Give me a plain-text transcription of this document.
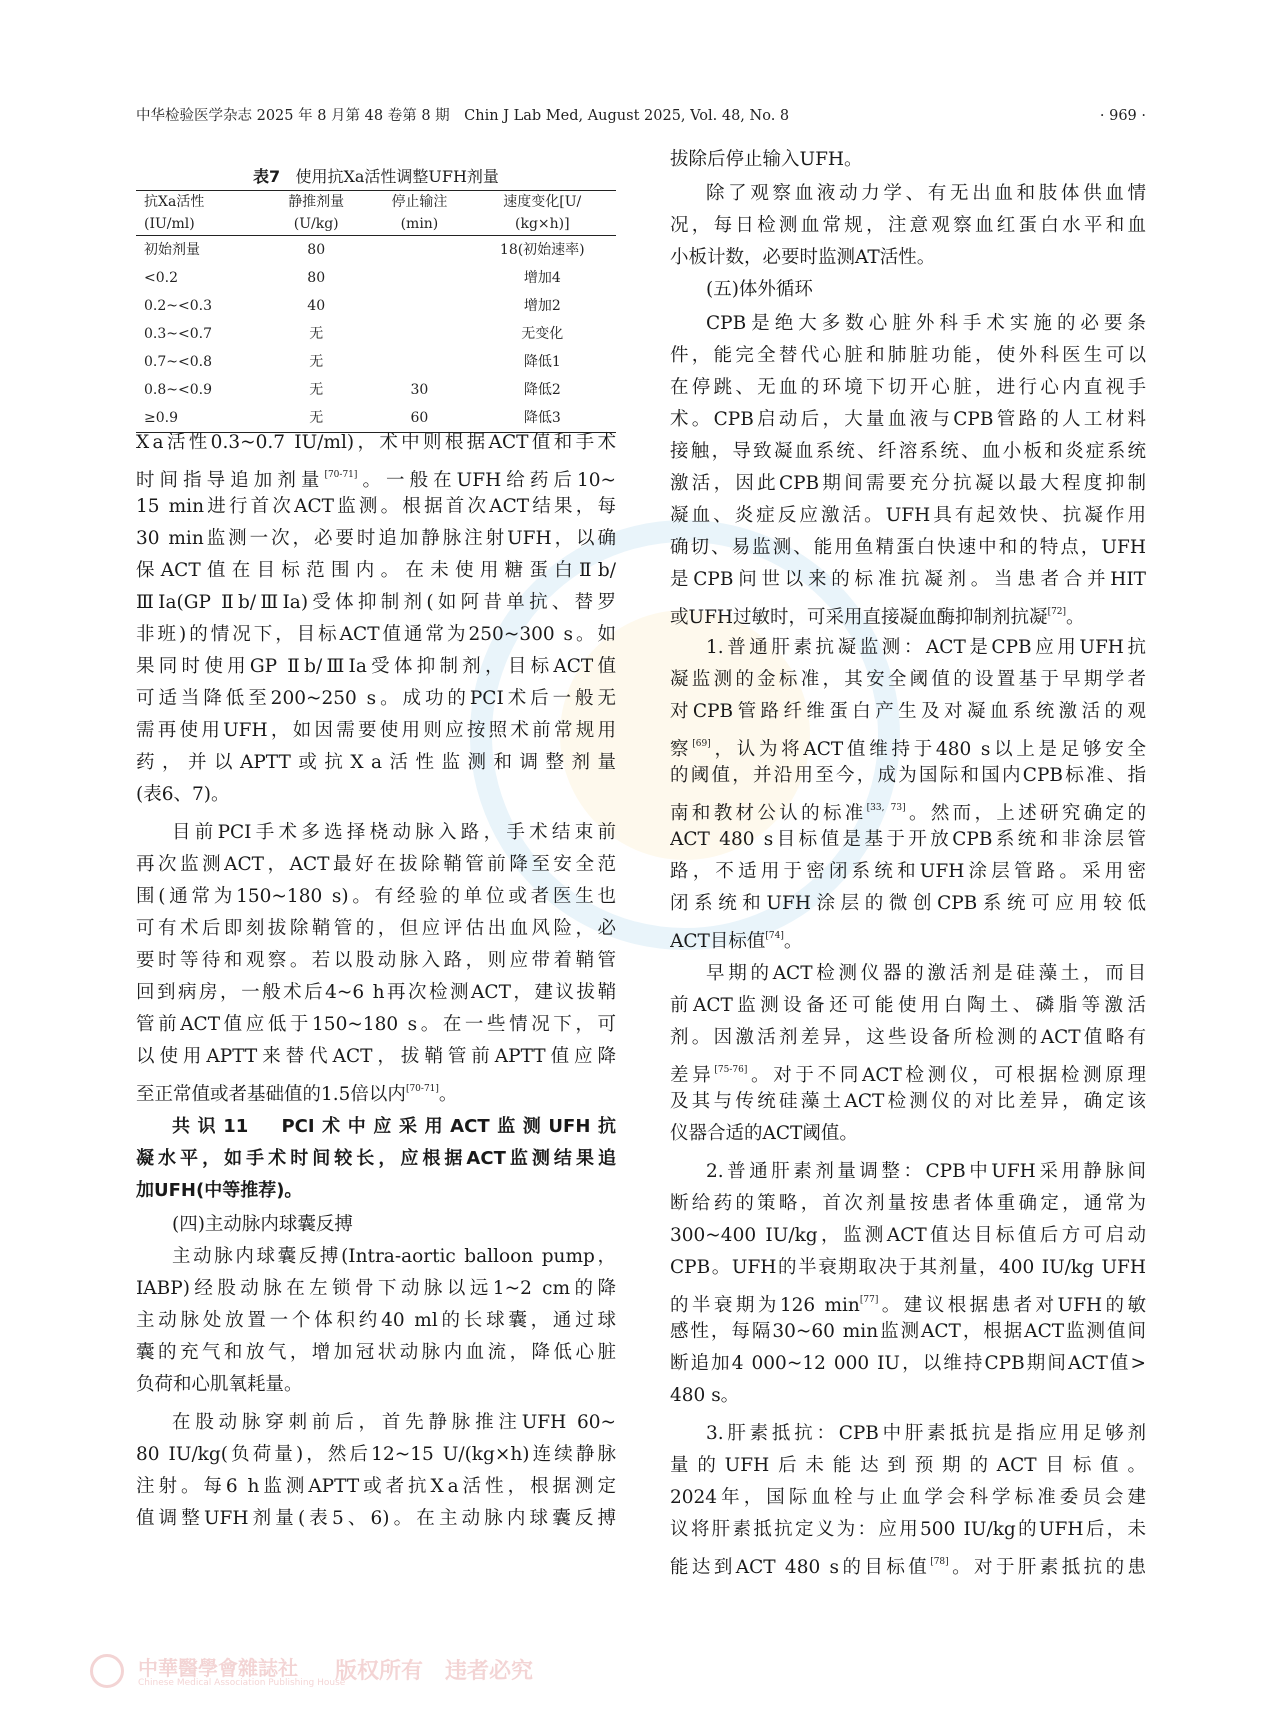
中华检验医学杂志 2025 年 8 月第 48 卷第 8 期　Chin J Lab Med, August 2025, Vol. 48, No. 8	· 969 ·
表7 使用抗Ⅹa活性调整UFH剂量
抗Ⅹa活性	静推剂量	停止输注	速度变化[U/
(IU/ml)	(U/kg)	(min)	(kg×h)]
初始剂量	80		18(初始速率)
<0.2	80		增加4
0.2~<0.3	40		增加2
0.3~<0.7	无		无变化
0.7~<0.8	无		降低1
0.8~<0.9	无	30	降低2
≥0.9	无	60	降低3
Ⅹa活性0.3~0.7 IU/ml)，术中则根据ACT值和手术
时间指导追加剂量[70-71]。一般在UFH给药后10~
15 min进行首次ACT监测。根据首次ACT结果，每
30 min监测一次，必要时追加静脉注射UFH，以确
保ACT值在目标范围内。在未使用糖蛋白Ⅱb/
ⅢIa(GP Ⅱb/ⅢIa)受体抑制剂(如阿昔单抗、替罗
非班)的情况下，目标ACT值通常为250~300 s。如
果同时使用GP Ⅱb/ⅢIa受体抑制剂，目标ACT值
可适当降低至200~250 s。成功的PCI术后一般无
需再使用UFH，如因需要使用则应按照术前常规用
药，并以APTT或抗Ⅹa活性监测和调整剂量
(表6、7)。
目前PCI手术多选择桡动脉入路，手术结束前
再次监测ACT，ACT最好在拔除鞘管前降至安全范
围(通常为150~180 s)。有经验的单位或者医生也
可有术后即刻拔除鞘管的，但应评估出血风险，必
要时等待和观察。若以股动脉入路，则应带着鞘管
回到病房，一般术后4~6 h再次检测ACT，建议拔鞘
管前ACT值应低于150~180 s。在一些情况下，可
以使用APTT来替代ACT，拔鞘管前APTT值应降
至正常值或者基础值的1.5倍以内[70-71]。
共识11　PCI术中应采用ACT监测UFH抗
凝水平，如手术时间较长，应根据ACT监测结果追
加UFH(中等推荐)。
(四)主动脉内球囊反搏
主动脉内球囊反搏(Intra-aortic balloon pump，
IABP)经股动脉在左锁骨下动脉以远1~2 cm的降
主动脉处放置一个体积约40 ml的长球囊，通过球
囊的充气和放气，增加冠状动脉内血流，降低心脏
负荷和心肌氧耗量。
在股动脉穿刺前后，首先静脉推注UFH 60~
80 IU/kg(负荷量)，然后12~15 U/(kg×h)连续静脉
注射。每6 h监测APTT或者抗Ⅹa活性，根据测定
值调整UFH剂量(表5、6)。在主动脉内球囊反搏
拔除后停止输入UFH。
除了观察血液动力学、有无出血和肢体供血情
况，每日检测血常规，注意观察血红蛋白水平和血
小板计数，必要时监测AT活性。
(五)体外循环
CPB是绝大多数心脏外科手术实施的必要条
件，能完全替代心脏和肺脏功能，使外科医生可以
在停跳、无血的环境下切开心脏，进行心内直视手
术。CPB启动后，大量血液与CPB管路的人工材料
接触，导致凝血系统、纤溶系统、血小板和炎症系统
激活，因此CPB期间需要充分抗凝以最大程度抑制
凝血、炎症反应激活。UFH具有起效快、抗凝作用
确切、易监测、能用鱼精蛋白快速中和的特点，UFH
是CPB问世以来的标准抗凝剂。当患者合并HIT
或UFH过敏时，可采用直接凝血酶抑制剂抗凝[72]。
1.普通肝素抗凝监测：ACT是CPB应用UFH抗
凝监测的金标准，其安全阈值的设置基于早期学者
对CPB管路纤维蛋白产生及对凝血系统激活的观
察[69]，认为将ACT值维持于480 s以上是足够安全
的阈值，并沿用至今，成为国际和国内CPB标准、指
南和教材公认的标准[33, 73]。然而，上述研究确定的
ACT 480 s目标值是基于开放CPB系统和非涂层管
路，不适用于密闭系统和UFH涂层管路。采用密
闭系统和UFH涂层的微创CPB系统可应用较低
ACT目标值[74]。
早期的ACT检测仪器的激活剂是硅藻土，而目
前ACT监测设备还可能使用白陶土、磷脂等激活
剂。因激活剂差异，这些设备所检测的ACT值略有
差异[75-76]。对于不同ACT检测仪，可根据检测原理
及其与传统硅藻土ACT检测仪的对比差异，确定该
仪器合适的ACT阈值。
2.普通肝素剂量调整：CPB中UFH采用静脉间
断给药的策略，首次剂量按患者体重确定，通常为
300~400 IU/kg，监测ACT值达目标值后方可启动
CPB。UFH的半衰期取决于其剂量，400 IU/kg UFH
的半衰期为126 min[77]。建议根据患者对UFH的敏
感性，每隔30~60 min监测ACT，根据ACT监测值间
断追加4 000~12 000 IU，以维持CPB期间ACT值>
480 s。
3.肝素抵抗：CPB中肝素抵抗是指应用足够剂
量的UFH后未能达到预期的ACT目标值。
2024年，国际血栓与止血学会科学标准委员会建
议将肝素抵抗定义为：应用500 IU/kg的UFH后，未
能达到ACT 480 s的目标值[78]。对于肝素抵抗的患
中華醫學會雜誌社
Chinese Medical Association Publishing House
版权所有　违者必究
